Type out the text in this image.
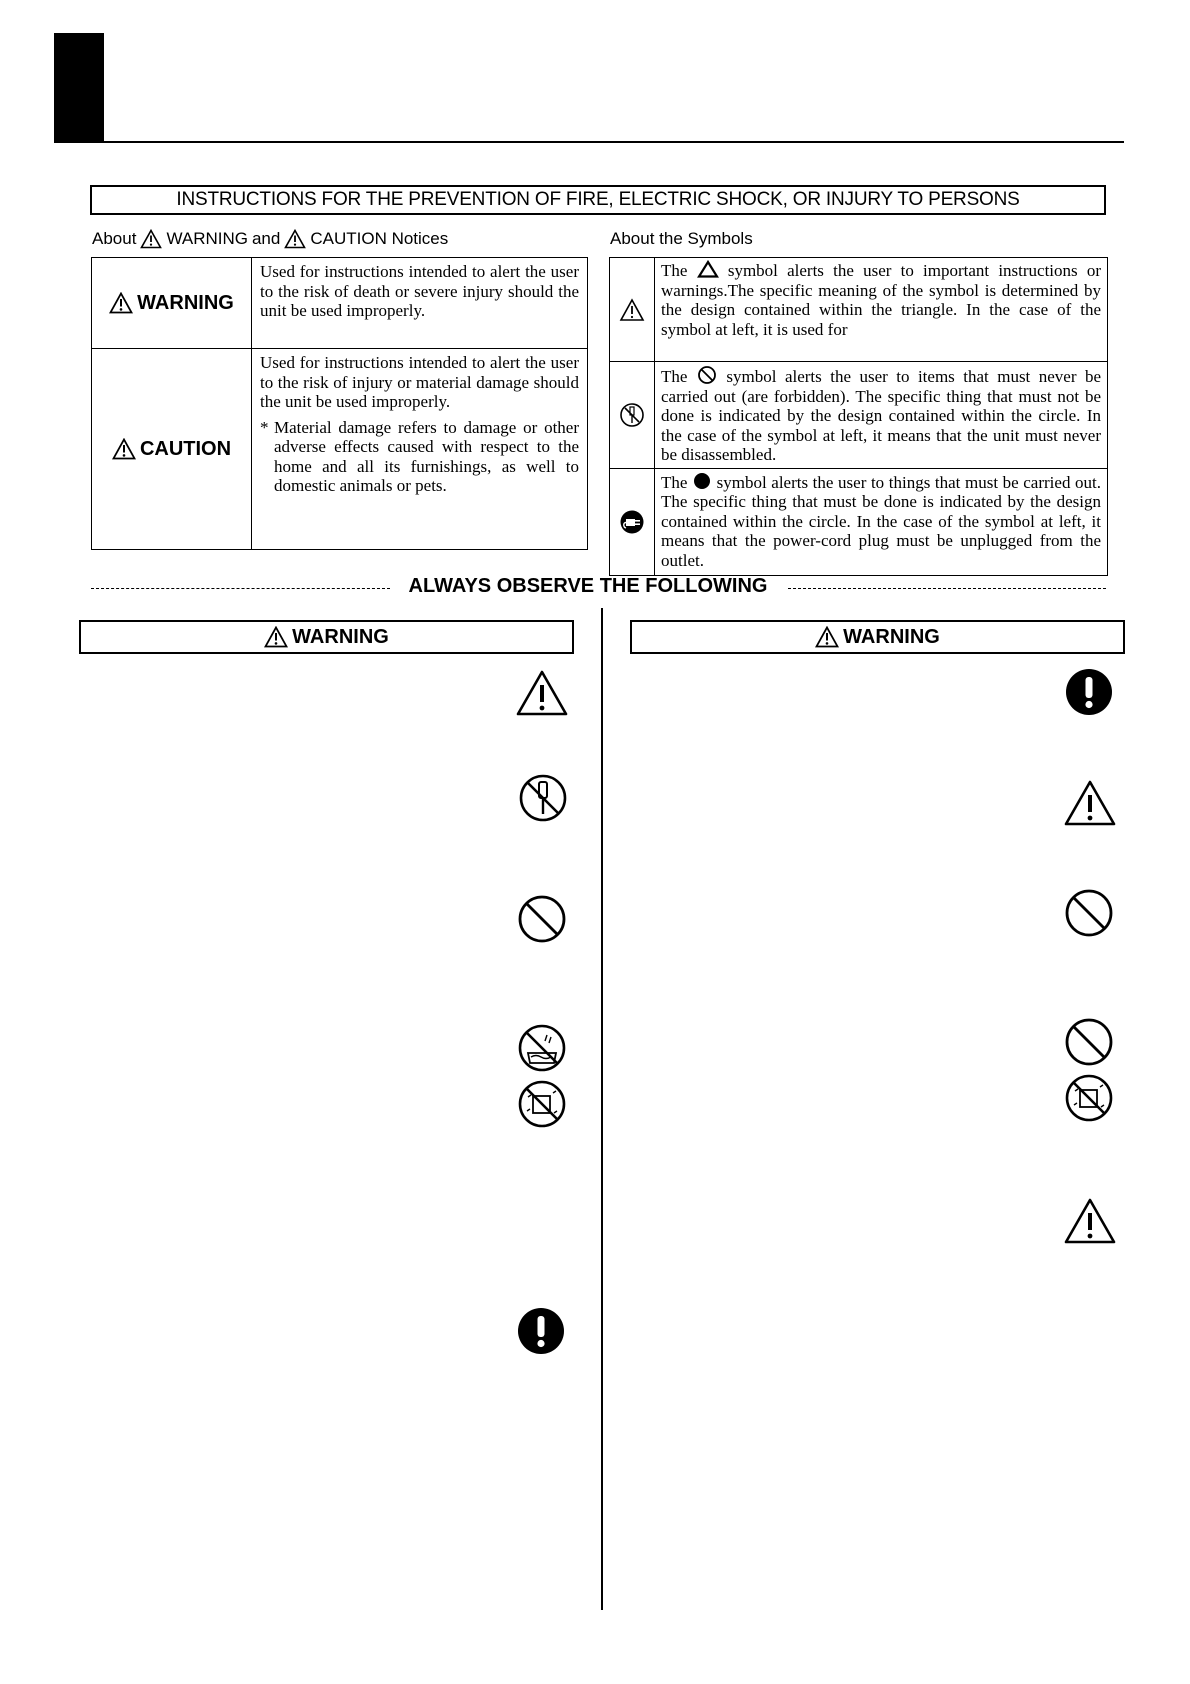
INSTRUCTIONS FOR THE PREVENTION OF FIRE, ELECTRIC SHOCK, OR INJURY TO PERSONS
About WARNING and CAUTION Notices	About the Symbols
WARNING	Used for instructions intended to alert the user to the risk of death or severe injury should the unit be used improperly.

CAUTION	Used for instructions intended to alert the user to the risk of injury or material damage should the unit be used improperly.

* Material damage refers to damage or other adverse effects caused with respect to the home and all its furnishings, as well to domestic animals or pets.

The symbol alerts the user to important instructions or warnings.The specific meaning of the symbol is determined by the design contained within the triangle. In the case of the symbol at left, it is used for

The symbol alerts the user to items that must never be carried out (are forbidden). The specific thing that must not be done is indicated by the design contained within the circle. In the case of the symbol at left, it means that the unit must never be disassembled.

The symbol alerts the user to things that must be carried out. The specific thing that must be done is indicated by the design contained within the circle. In the case of the symbol at left, it means that the power-cord plug must be unplugged from the outlet.
ALWAYS OBSERVE THE FOLLOWING
WARNING	WARNING
